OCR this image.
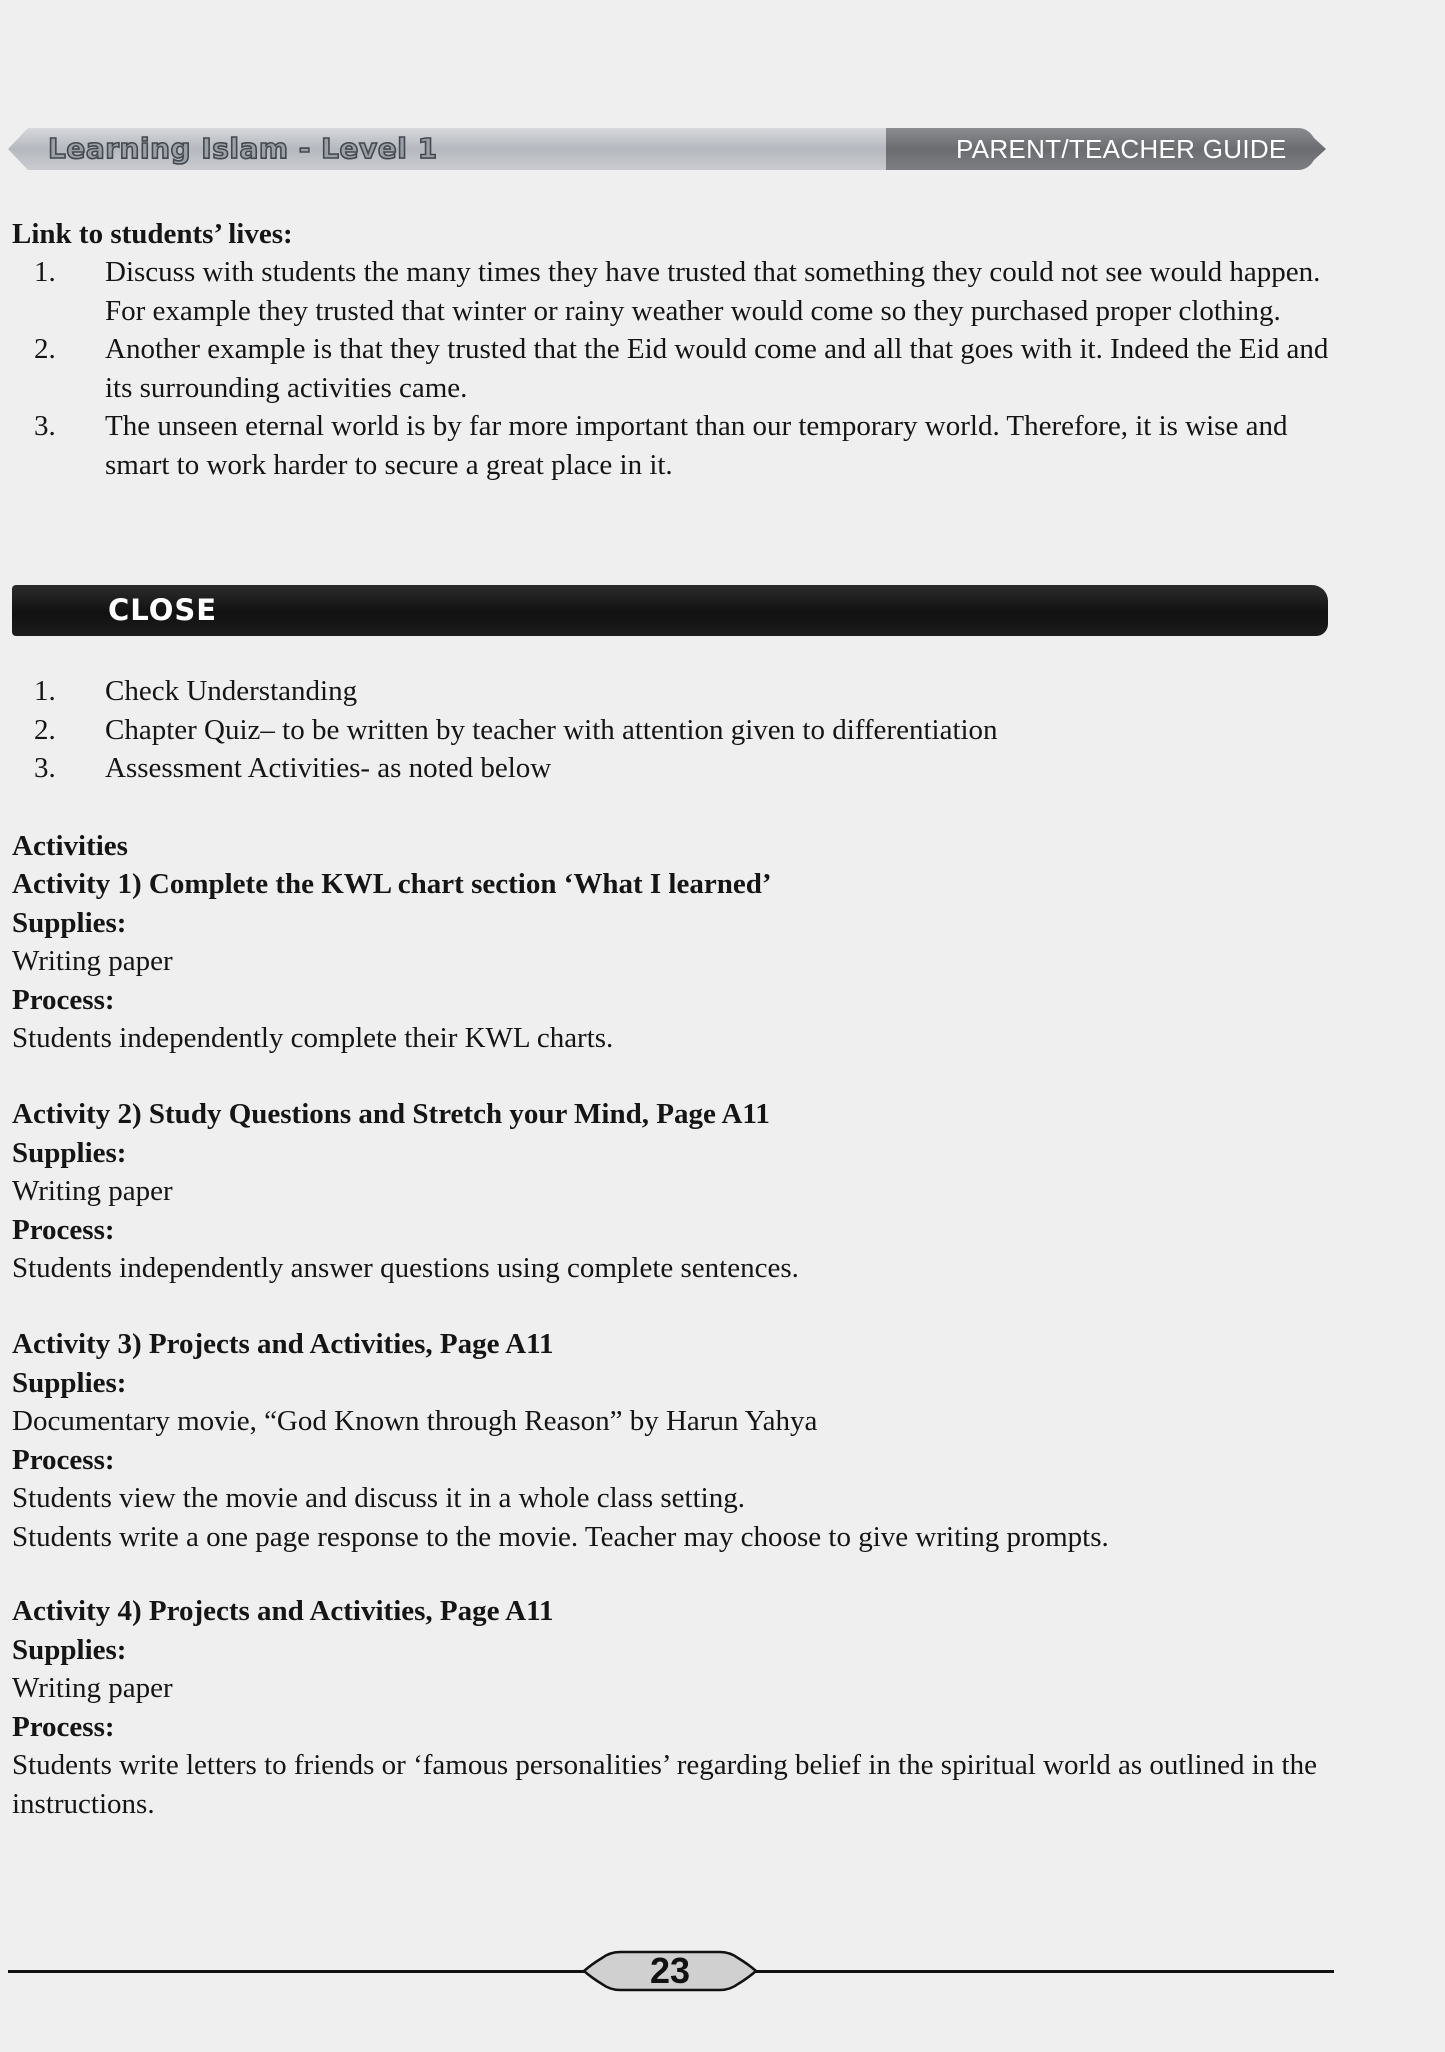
Learning Islam - Level 1	PARENT/TEACHER GUIDE
Link to students’ lives:
1. Discuss with students the many times they have trusted that something they could not see would happen. For example they trusted that winter or rainy weather would come so they purchased proper clothing.
2. Another example is that they trusted that the Eid would come and all that goes with it. Indeed the Eid and its surrounding activities came.
3. The unseen eternal world is by far more important than our temporary world. Therefore, it is wise and smart to work harder to secure a great place in it.
CLOSE
1. Check Understanding
2. Chapter Quiz– to be written by teacher with attention given to differentiation
3. Assessment Activities- as noted below
Activities
Activity 1) Complete the KWL chart section ‘What I learned’
Supplies:
Writing paper
Process:
Students independently complete their KWL charts.
Activity 2) Study Questions and Stretch your Mind, Page A11
Supplies:
Writing paper
Process:
Students independently answer questions using complete sentences.
Activity 3) Projects and Activities, Page A11
Supplies:
Documentary movie, “God Known through Reason” by Harun Yahya
Process:
Students view the movie and discuss it in a whole class setting.
Students write a one page response to the movie. Teacher may choose to give writing prompts.
Activity 4) Projects and Activities, Page A11
Supplies:
Writing paper
Process:
Students write letters to friends or ‘famous personalities’ regarding belief in the spiritual world as outlined in the instructions.
23
